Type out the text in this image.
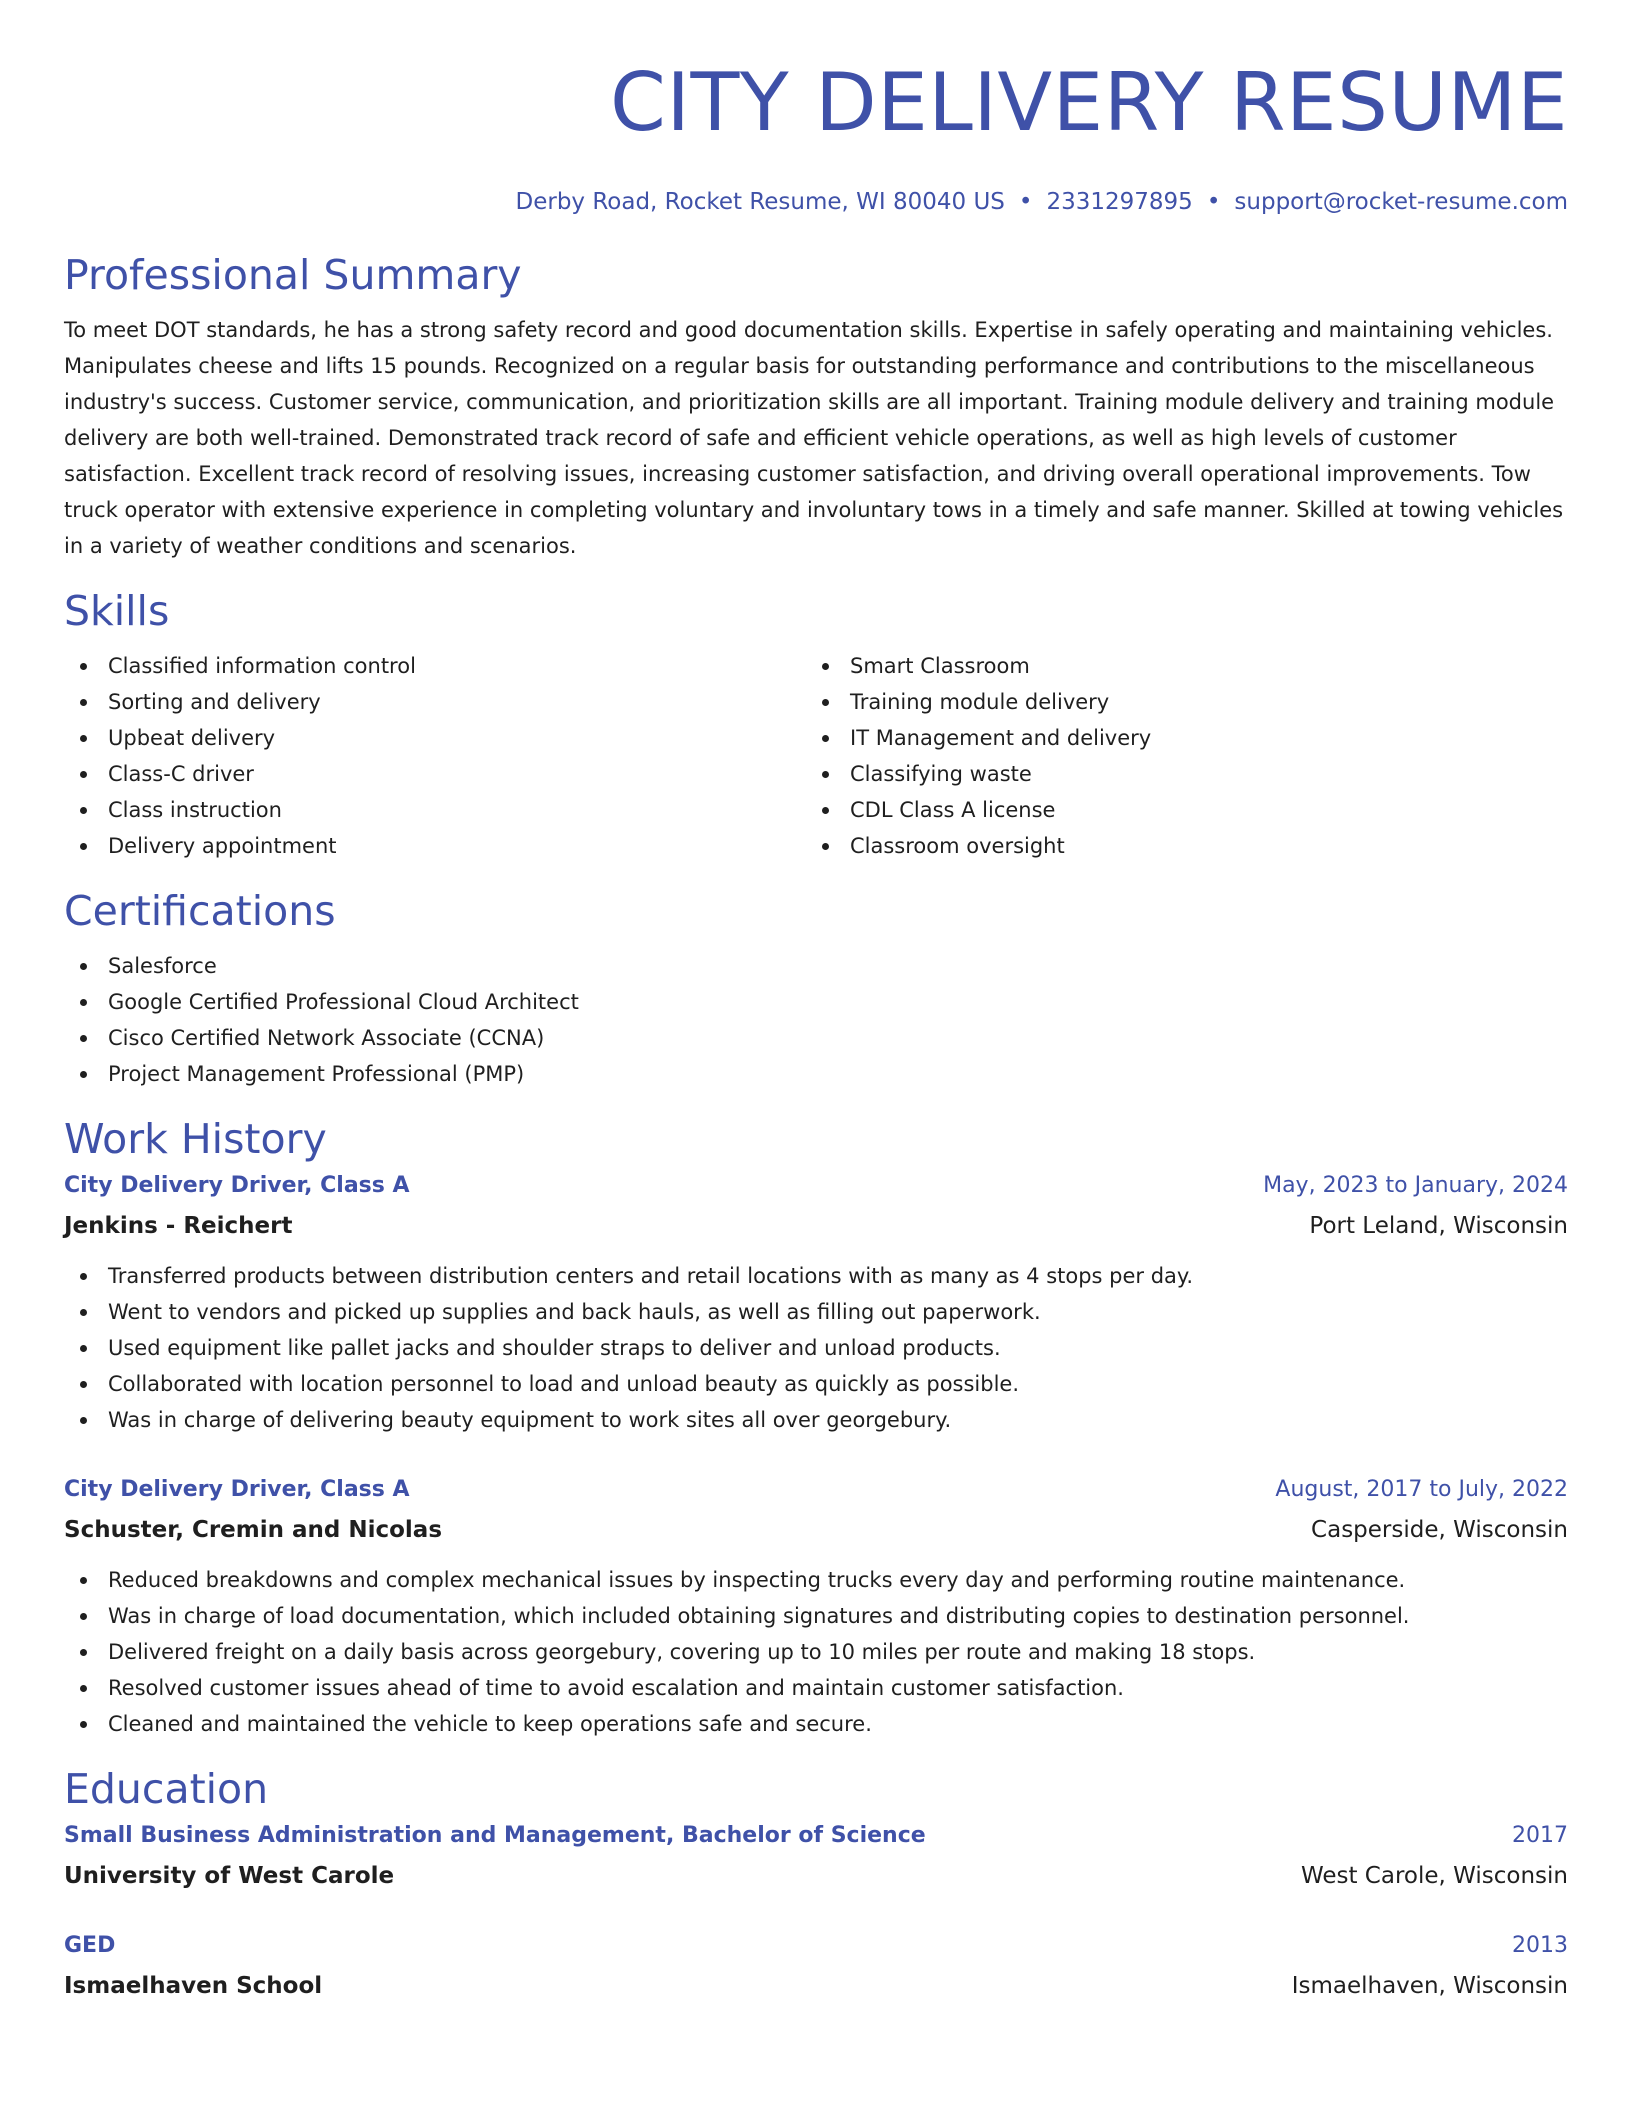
CITY DELIVERY RESUME
Derby Road, Rocket Resume, WI 80040 US • 2331297895 • support@rocket-resume.com
Professional Summary

To meet DOT standards, he has a strong safety record and good documentation skills. Expertise in safely operating and maintaining vehicles. Manipulates cheese and lifts 15 pounds. Recognized on a regular basis for outstanding performance and contributions to the miscellaneous industry's success. Customer service, communication, and prioritization skills are all important. Training module delivery and training module delivery are both well-trained. Demonstrated track record of safe and efficient vehicle operations, as well as high levels of customer satisfaction. Excellent track record of resolving issues, increasing customer satisfaction, and driving overall operational improvements. Tow truck operator with extensive experience in completing voluntary and involuntary tows in a timely and safe manner. Skilled at towing vehicles in a variety of weather conditions and scenarios.

Skills
Classified information control
Sorting and delivery
Upbeat delivery
Class-C driver
Class instruction
Delivery appointment
Smart Classroom
Training module delivery
IT Management and delivery
Classifying waste
CDL Class A license
Classroom oversight
Certifications
Salesforce
Google Certified Professional Cloud Architect
Cisco Certified Network Associate (CCNA)
Project Management Professional (PMP)
Work History
City Delivery Driver, Class A	May, 2023 to January, 2024
Jenkins - Reichert	Port Leland, Wisconsin
Transferred products between distribution centers and retail locations with as many as 4 stops per day.
Went to vendors and picked up supplies and back hauls, as well as filling out paperwork.
Used equipment like pallet jacks and shoulder straps to deliver and unload products.
Collaborated with location personnel to load and unload beauty as quickly as possible.
Was in charge of delivering beauty equipment to work sites all over georgebury.
City Delivery Driver, Class A	August, 2017 to July, 2022
Schuster, Cremin and Nicolas	Casperside, Wisconsin
Reduced breakdowns and complex mechanical issues by inspecting trucks every day and performing routine maintenance.
Was in charge of load documentation, which included obtaining signatures and distributing copies to destination personnel.
Delivered freight on a daily basis across georgebury, covering up to 10 miles per route and making 18 stops.
Resolved customer issues ahead of time to avoid escalation and maintain customer satisfaction.
Cleaned and maintained the vehicle to keep operations safe and secure.
Education
Small Business Administration and Management, Bachelor of Science	2017
University of West Carole	West Carole, Wisconsin
GED	2013
Ismaelhaven School	Ismaelhaven, Wisconsin
